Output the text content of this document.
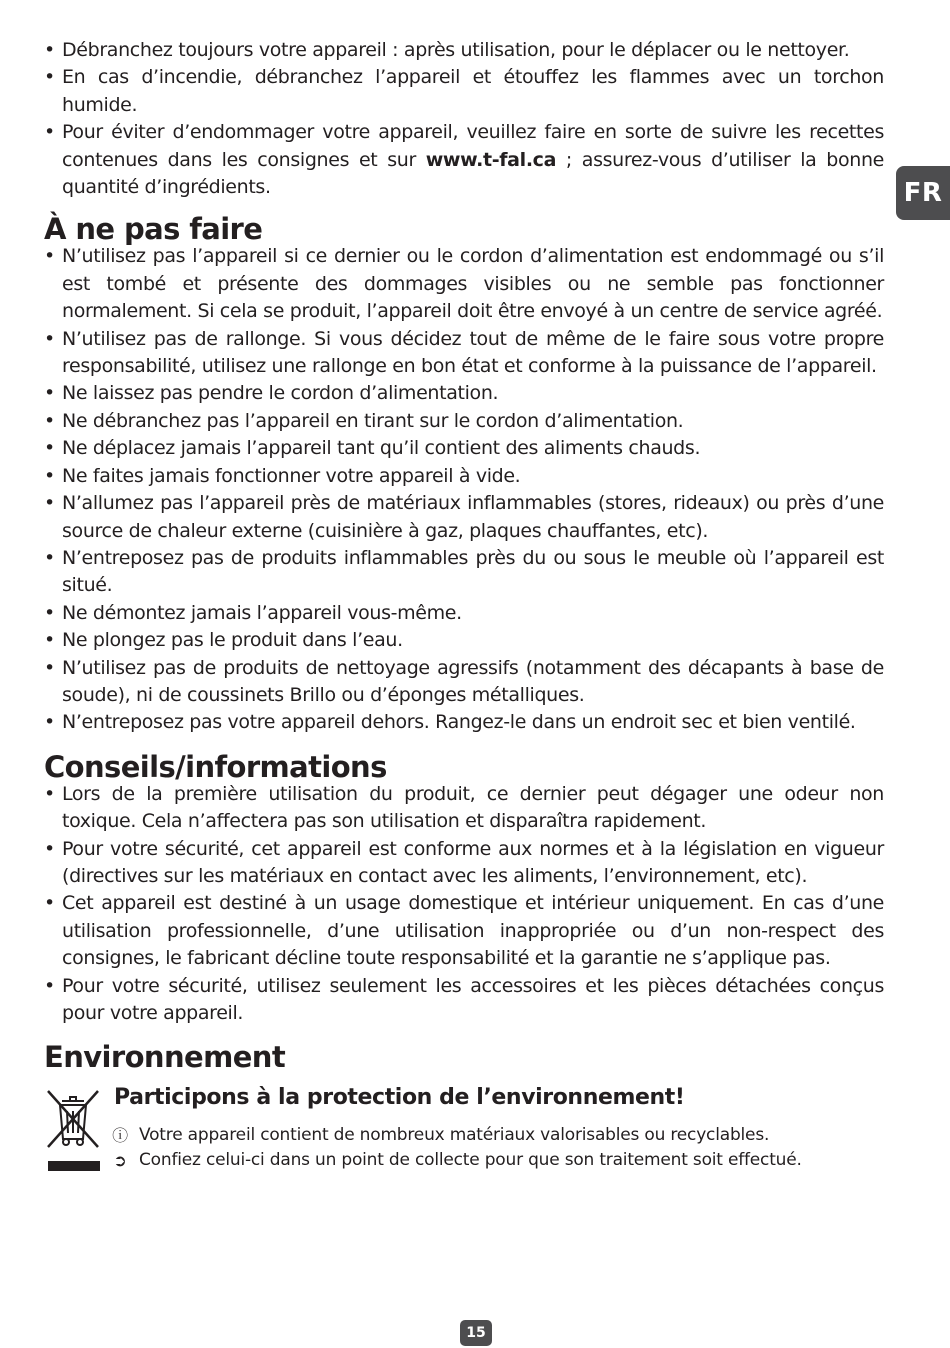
FR
• Débranchez toujours votre appareil : après utilisation, pour le déplacer ou le nettoyer.
• En cas d’incendie, débranchez l’appareil et étouffez les flammes avec un torchon humide.
• Pour éviter d’endommager votre appareil, veuillez faire en sorte de suivre les recettes contenues dans les consignes et sur www.t-fal.ca ; assurez-vous d’utiliser la bonne quantité d’ingrédients.
À ne pas faire
• N’utilisez pas l’appareil si ce dernier ou le cordon d’alimentation est endommagé ou s’il est tombé et présente des dommages visibles ou ne semble pas fonctionner normalement. Si cela se produit, l’appareil doit être envoyé à un centre de service agréé.
• N’utilisez pas de rallonge. Si vous décidez tout de même de le faire sous votre propre responsabilité, utilisez une rallonge en bon état et conforme à la puissance de l’appareil.
• Ne laissez pas pendre le cordon d’alimentation.
• Ne débranchez pas l’appareil en tirant sur le cordon d’alimentation.
• Ne déplacez jamais l’appareil tant qu’il contient des aliments chauds.
• Ne faites jamais fonctionner votre appareil à vide.
• N’allumez pas l’appareil près de matériaux inflammables (stores, rideaux) ou près d’une source de chaleur externe (cuisinière à gaz, plaques chauffantes, etc).
• N’entreposez pas de produits inflammables près du ou sous le meuble où l’appareil est situé.
• Ne démontez jamais l’appareil vous-même.
• Ne plongez pas le produit dans l’eau.
• N’utilisez pas de produits de nettoyage agressifs (notamment des décapants à base de soude), ni de coussinets Brillo ou d’éponges métalliques.
• N’entreposez pas votre appareil dehors. Rangez-le dans un endroit sec et bien ventilé.
Conseils/informations
• Lors de la première utilisation du produit, ce dernier peut dégager une odeur non toxique. Cela n’affectera pas son utilisation et disparaîtra rapidement.
• Pour votre sécurité, cet appareil est conforme aux normes et à la législation en vigueur (directives sur les matériaux en contact avec les aliments, l’environnement, etc).
• Cet appareil est destiné à un usage domestique et intérieur uniquement. En cas d’une utilisation professionnelle, d’une utilisation inappropriée ou d’un non-respect des consignes, le fabricant décline toute responsabilité et la garantie ne s’applique pas.
• Pour votre sécurité, utilisez seulement les accessoires et les pièces détachées conçus pour votre appareil.
Environnement
Participons à la protection de l’environnement!
ⓘ Votre appareil contient de nombreux matériaux valorisables ou recyclables.
➲ Confiez celui-ci dans un point de collecte pour que son traitement soit effectué.
15
